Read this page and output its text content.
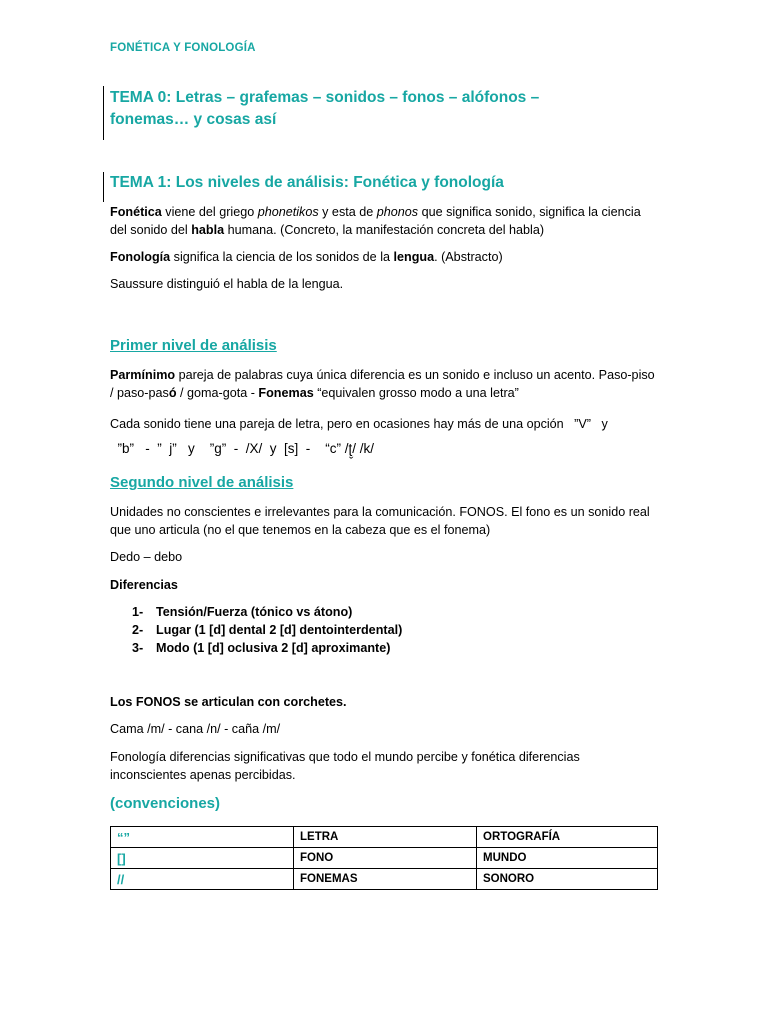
FONÉTICA Y FONOLOGÍA
TEMA 0: Letras – grafemas – sonidos – fonos – alófonos –
fonemas… y cosas así
TEMA 1: Los niveles de análisis: Fonética y fonología
Fonética viene del griego phonetikos y esta de phonos que significa sonido, significa la ciencia del sonido del habla humana. (Concreto, la manifestación concreta del habla)
Fonología significa la ciencia de los sonidos de la lengua. (Abstracto)
Saussure distinguió el habla de la lengua.
Primer nivel de análisis
Parmínimo pareja de palabras cuya única diferencia es un sonido e incluso un acento. Paso-piso / paso-pasó / goma-gota - Fonemas “equivalen grosso modo a una letra”
Cada sonido tiene una pareja de letra, pero en ocasiones hay más de una opción   ”V”   y
”b”   -  ”  j”   y    ”g”  -  /X/  y  [s]  -    “c” /ʈ̬/ /k/
Segundo nivel de análisis
Unidades no conscientes e irrelevantes para la comunicación. FONOS. El fono es un sonido real que uno articula (no el que tenemos en la cabeza que es el fonema)
Dedo – debo
Diferencias
1- Tensión/Fuerza (tónico vs átono)
2- Lugar (1 [d] dental 2 [d] dentointerdental)
3- Modo (1 [d] oclusiva 2 [d] aproximante)
Los FONOS se articulan con corchetes.
Cama /m/ - cana /n/ - caña /m/
Fonología diferencias significativas que todo el mundo percibe y fonética diferencias inconscientes apenas percibidas.
(convenciones)
“”	LETRA	ORTOGRAFÍA
[]	FONO	MUNDO
//	FONEMAS	SONORO
